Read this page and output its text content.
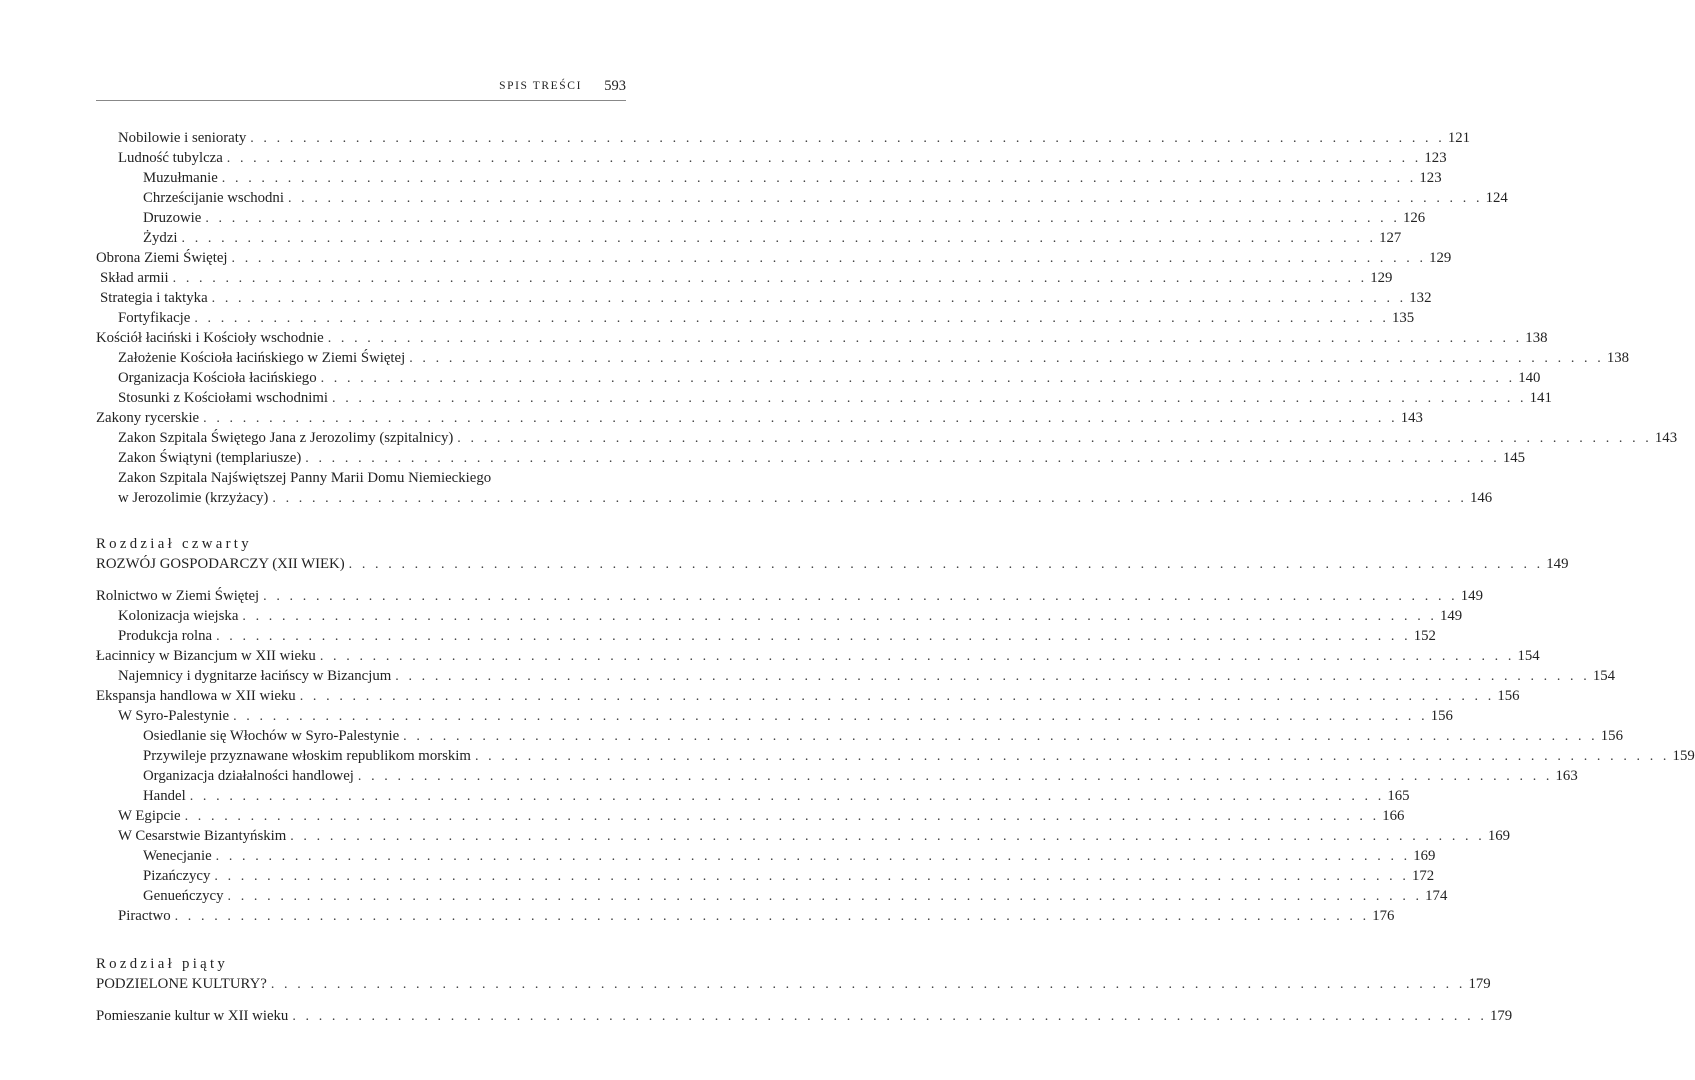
SPIS TREŚCI 593
Nobilowie i senioraty . . . . . . . . . . . . . . . . . . . . . . . . . . . . . . . . . . . . . . . . . . . . . . . . . . . . . . . . . . . . . . . . . . . . . . . . . . . . . . . . . . . . . . . . . . . 121
Ludność tubylcza . . . . . . . . . . . . . . . . . . . . . . . . . . . . . . . . . . . . . . . . . . . . . . . . . . . . . . . . . . . . . . . . . . . . . . . . . . . . . . . . . . . . . . . . . . . 123
Muzułmanie . . . . . . . . . . . . . . . . . . . . . . . . . . . . . . . . . . . . . . . . . . . . . . . . . . . . . . . . . . . . . . . . . . . . . . . . . . . . . . . . . . . . . . . . . . . 123
Chrześcijanie wschodni . . . . . . . . . . . . . . . . . . . . . . . . . . . . . . . . . . . . . . . . . . . . . . . . . . . . . . . . . . . . . . . . . . . . . . . . . . . . . . . . . . . . . . . . . . . 124
Druzowie . . . . . . . . . . . . . . . . . . . . . . . . . . . . . . . . . . . . . . . . . . . . . . . . . . . . . . . . . . . . . . . . . . . . . . . . . . . . . . . . . . . . . . . . . . . 126
Żydzi . . . . . . . . . . . . . . . . . . . . . . . . . . . . . . . . . . . . . . . . . . . . . . . . . . . . . . . . . . . . . . . . . . . . . . . . . . . . . . . . . . . . . . . . . . . 127
Obrona Ziemi Świętej . . . . . . . . . . . . . . . . . . . . . . . . . . . . . . . . . . . . . . . . . . . . . . . . . . . . . . . . . . . . . . . . . . . . . . . . . . . . . . . . . . . . . . . . . . . 129
Skład armii . . . . . . . . . . . . . . . . . . . . . . . . . . . . . . . . . . . . . . . . . . . . . . . . . . . . . . . . . . . . . . . . . . . . . . . . . . . . . . . . . . . . . . . . . . . 129
Strategia i taktyka . . . . . . . . . . . . . . . . . . . . . . . . . . . . . . . . . . . . . . . . . . . . . . . . . . . . . . . . . . . . . . . . . . . . . . . . . . . . . . . . . . . . . . . . . . . 132
Fortyfikacje . . . . . . . . . . . . . . . . . . . . . . . . . . . . . . . . . . . . . . . . . . . . . . . . . . . . . . . . . . . . . . . . . . . . . . . . . . . . . . . . . . . . . . . . . . . 135
Kościół łaciński i Kościoły wschodnie . . . . . . . . . . . . . . . . . . . . . . . . . . . . . . . . . . . . . . . . . . . . . . . . . . . . . . . . . . . . . . . . . . . . . . . . . . . . . . . . . . . . . . . . . . . 138
Założenie Kościoła łacińskiego w Ziemi Świętej . . . . . . . . . . . . . . . . . . . . . . . . . . . . . . . . . . . . . . . . . . . . . . . . . . . . . . . . . . . . . . . . . . . . . . . . . . . . . . . . . . . . . . . . . . . 138
Organizacja Kościoła łacińskiego . . . . . . . . . . . . . . . . . . . . . . . . . . . . . . . . . . . . . . . . . . . . . . . . . . . . . . . . . . . . . . . . . . . . . . . . . . . . . . . . . . . . . . . . . . . 140
Stosunki z Kościołami wschodnimi . . . . . . . . . . . . . . . . . . . . . . . . . . . . . . . . . . . . . . . . . . . . . . . . . . . . . . . . . . . . . . . . . . . . . . . . . . . . . . . . . . . . . . . . . . . 141
Zakony rycerskie . . . . . . . . . . . . . . . . . . . . . . . . . . . . . . . . . . . . . . . . . . . . . . . . . . . . . . . . . . . . . . . . . . . . . . . . . . . . . . . . . . . . . . . . . . . 143
Zakon Szpitala Świętego Jana z Jerozolimy (szpitalnicy) . . . . . . . . . . . . . . . . . . . . . . . . . . . . . . . . . . . . . . . . . . . . . . . . . . . . . . . . . . . . . . . . . . . . . . . . . . . . . . . . . . . . . . . . . . . 143
Zakon Świątyni (templariusze) . . . . . . . . . . . . . . . . . . . . . . . . . . . . . . . . . . . . . . . . . . . . . . . . . . . . . . . . . . . . . . . . . . . . . . . . . . . . . . . . . . . . . . . . . . . 145
Zakon Szpitala Najświętszej Panny Marii Domu Niemieckiego
w Jerozolimie (krzyżacy) . . . . . . . . . . . . . . . . . . . . . . . . . . . . . . . . . . . . . . . . . . . . . . . . . . . . . . . . . . . . . . . . . . . . . . . . . . . . . . . . . . . . . . . . . . . 146
Rozdział czwarty
ROZWÓJ GOSPODARCZY (XII WIEK) . . . . . . . . . . . . . . . . . . . . . . . . . . . . . . . . . . . . . . . . . . . . . . . . . . . . . . . . . . . . . . . . . . . . . . . . . . . . . . . . . . . . . . . . . . . 149
Rolnictwo w Ziemi Świętej . . . . . . . . . . . . . . . . . . . . . . . . . . . . . . . . . . . . . . . . . . . . . . . . . . . . . . . . . . . . . . . . . . . . . . . . . . . . . . . . . . . . . . . . . . . 149
Kolonizacja wiejska . . . . . . . . . . . . . . . . . . . . . . . . . . . . . . . . . . . . . . . . . . . . . . . . . . . . . . . . . . . . . . . . . . . . . . . . . . . . . . . . . . . . . . . . . . . 149
Produkcja rolna . . . . . . . . . . . . . . . . . . . . . . . . . . . . . . . . . . . . . . . . . . . . . . . . . . . . . . . . . . . . . . . . . . . . . . . . . . . . . . . . . . . . . . . . . . . 152
Łacinnicy w Bizancjum w XII wieku . . . . . . . . . . . . . . . . . . . . . . . . . . . . . . . . . . . . . . . . . . . . . . . . . . . . . . . . . . . . . . . . . . . . . . . . . . . . . . . . . . . . . . . . . . . 154
Najemnicy i dygnitarze łacińscy w Bizancjum . . . . . . . . . . . . . . . . . . . . . . . . . . . . . . . . . . . . . . . . . . . . . . . . . . . . . . . . . . . . . . . . . . . . . . . . . . . . . . . . . . . . . . . . . . . 154
Ekspansja handlowa w XII wieku . . . . . . . . . . . . . . . . . . . . . . . . . . . . . . . . . . . . . . . . . . . . . . . . . . . . . . . . . . . . . . . . . . . . . . . . . . . . . . . . . . . . . . . . . . . 156
W Syro-Palestynie . . . . . . . . . . . . . . . . . . . . . . . . . . . . . . . . . . . . . . . . . . . . . . . . . . . . . . . . . . . . . . . . . . . . . . . . . . . . . . . . . . . . . . . . . . . 156
Osiedlanie się Włochów w Syro-Palestynie . . . . . . . . . . . . . . . . . . . . . . . . . . . . . . . . . . . . . . . . . . . . . . . . . . . . . . . . . . . . . . . . . . . . . . . . . . . . . . . . . . . . . . . . . . . 156
Przywileje przyznawane włoskim republikom morskim . . . . . . . . . . . . . . . . . . . . . . . . . . . . . . . . . . . . . . . . . . . . . . . . . . . . . . . . . . . . . . . . . . . . . . . . . . . . . . . . . . . . . . . . . . . 159
Organizacja działalności handlowej . . . . . . . . . . . . . . . . . . . . . . . . . . . . . . . . . . . . . . . . . . . . . . . . . . . . . . . . . . . . . . . . . . . . . . . . . . . . . . . . . . . . . . . . . . . 163
Handel . . . . . . . . . . . . . . . . . . . . . . . . . . . . . . . . . . . . . . . . . . . . . . . . . . . . . . . . . . . . . . . . . . . . . . . . . . . . . . . . . . . . . . . . . . . 165
W Egipcie . . . . . . . . . . . . . . . . . . . . . . . . . . . . . . . . . . . . . . . . . . . . . . . . . . . . . . . . . . . . . . . . . . . . . . . . . . . . . . . . . . . . . . . . . . . 166
W Cesarstwie Bizantyńskim . . . . . . . . . . . . . . . . . . . . . . . . . . . . . . . . . . . . . . . . . . . . . . . . . . . . . . . . . . . . . . . . . . . . . . . . . . . . . . . . . . . . . . . . . . . 169
Wenecjanie . . . . . . . . . . . . . . . . . . . . . . . . . . . . . . . . . . . . . . . . . . . . . . . . . . . . . . . . . . . . . . . . . . . . . . . . . . . . . . . . . . . . . . . . . . . 169
Pizańczycy . . . . . . . . . . . . . . . . . . . . . . . . . . . . . . . . . . . . . . . . . . . . . . . . . . . . . . . . . . . . . . . . . . . . . . . . . . . . . . . . . . . . . . . . . . . 172
Genueńczycy . . . . . . . . . . . . . . . . . . . . . . . . . . . . . . . . . . . . . . . . . . . . . . . . . . . . . . . . . . . . . . . . . . . . . . . . . . . . . . . . . . . . . . . . . . . 174
Piractwo . . . . . . . . . . . . . . . . . . . . . . . . . . . . . . . . . . . . . . . . . . . . . . . . . . . . . . . . . . . . . . . . . . . . . . . . . . . . . . . . . . . . . . . . . . . 176
Rozdział piąty
PODZIELONE KULTURY? . . . . . . . . . . . . . . . . . . . . . . . . . . . . . . . . . . . . . . . . . . . . . . . . . . . . . . . . . . . . . . . . . . . . . . . . . . . . . . . . . . . . . . . . . . . 179
Pomieszanie kultur w XII wieku . . . . . . . . . . . . . . . . . . . . . . . . . . . . . . . . . . . . . . . . . . . . . . . . . . . . . . . . . . . . . . . . . . . . . . . . . . . . . . . . . . . . . . . . . . . 179
